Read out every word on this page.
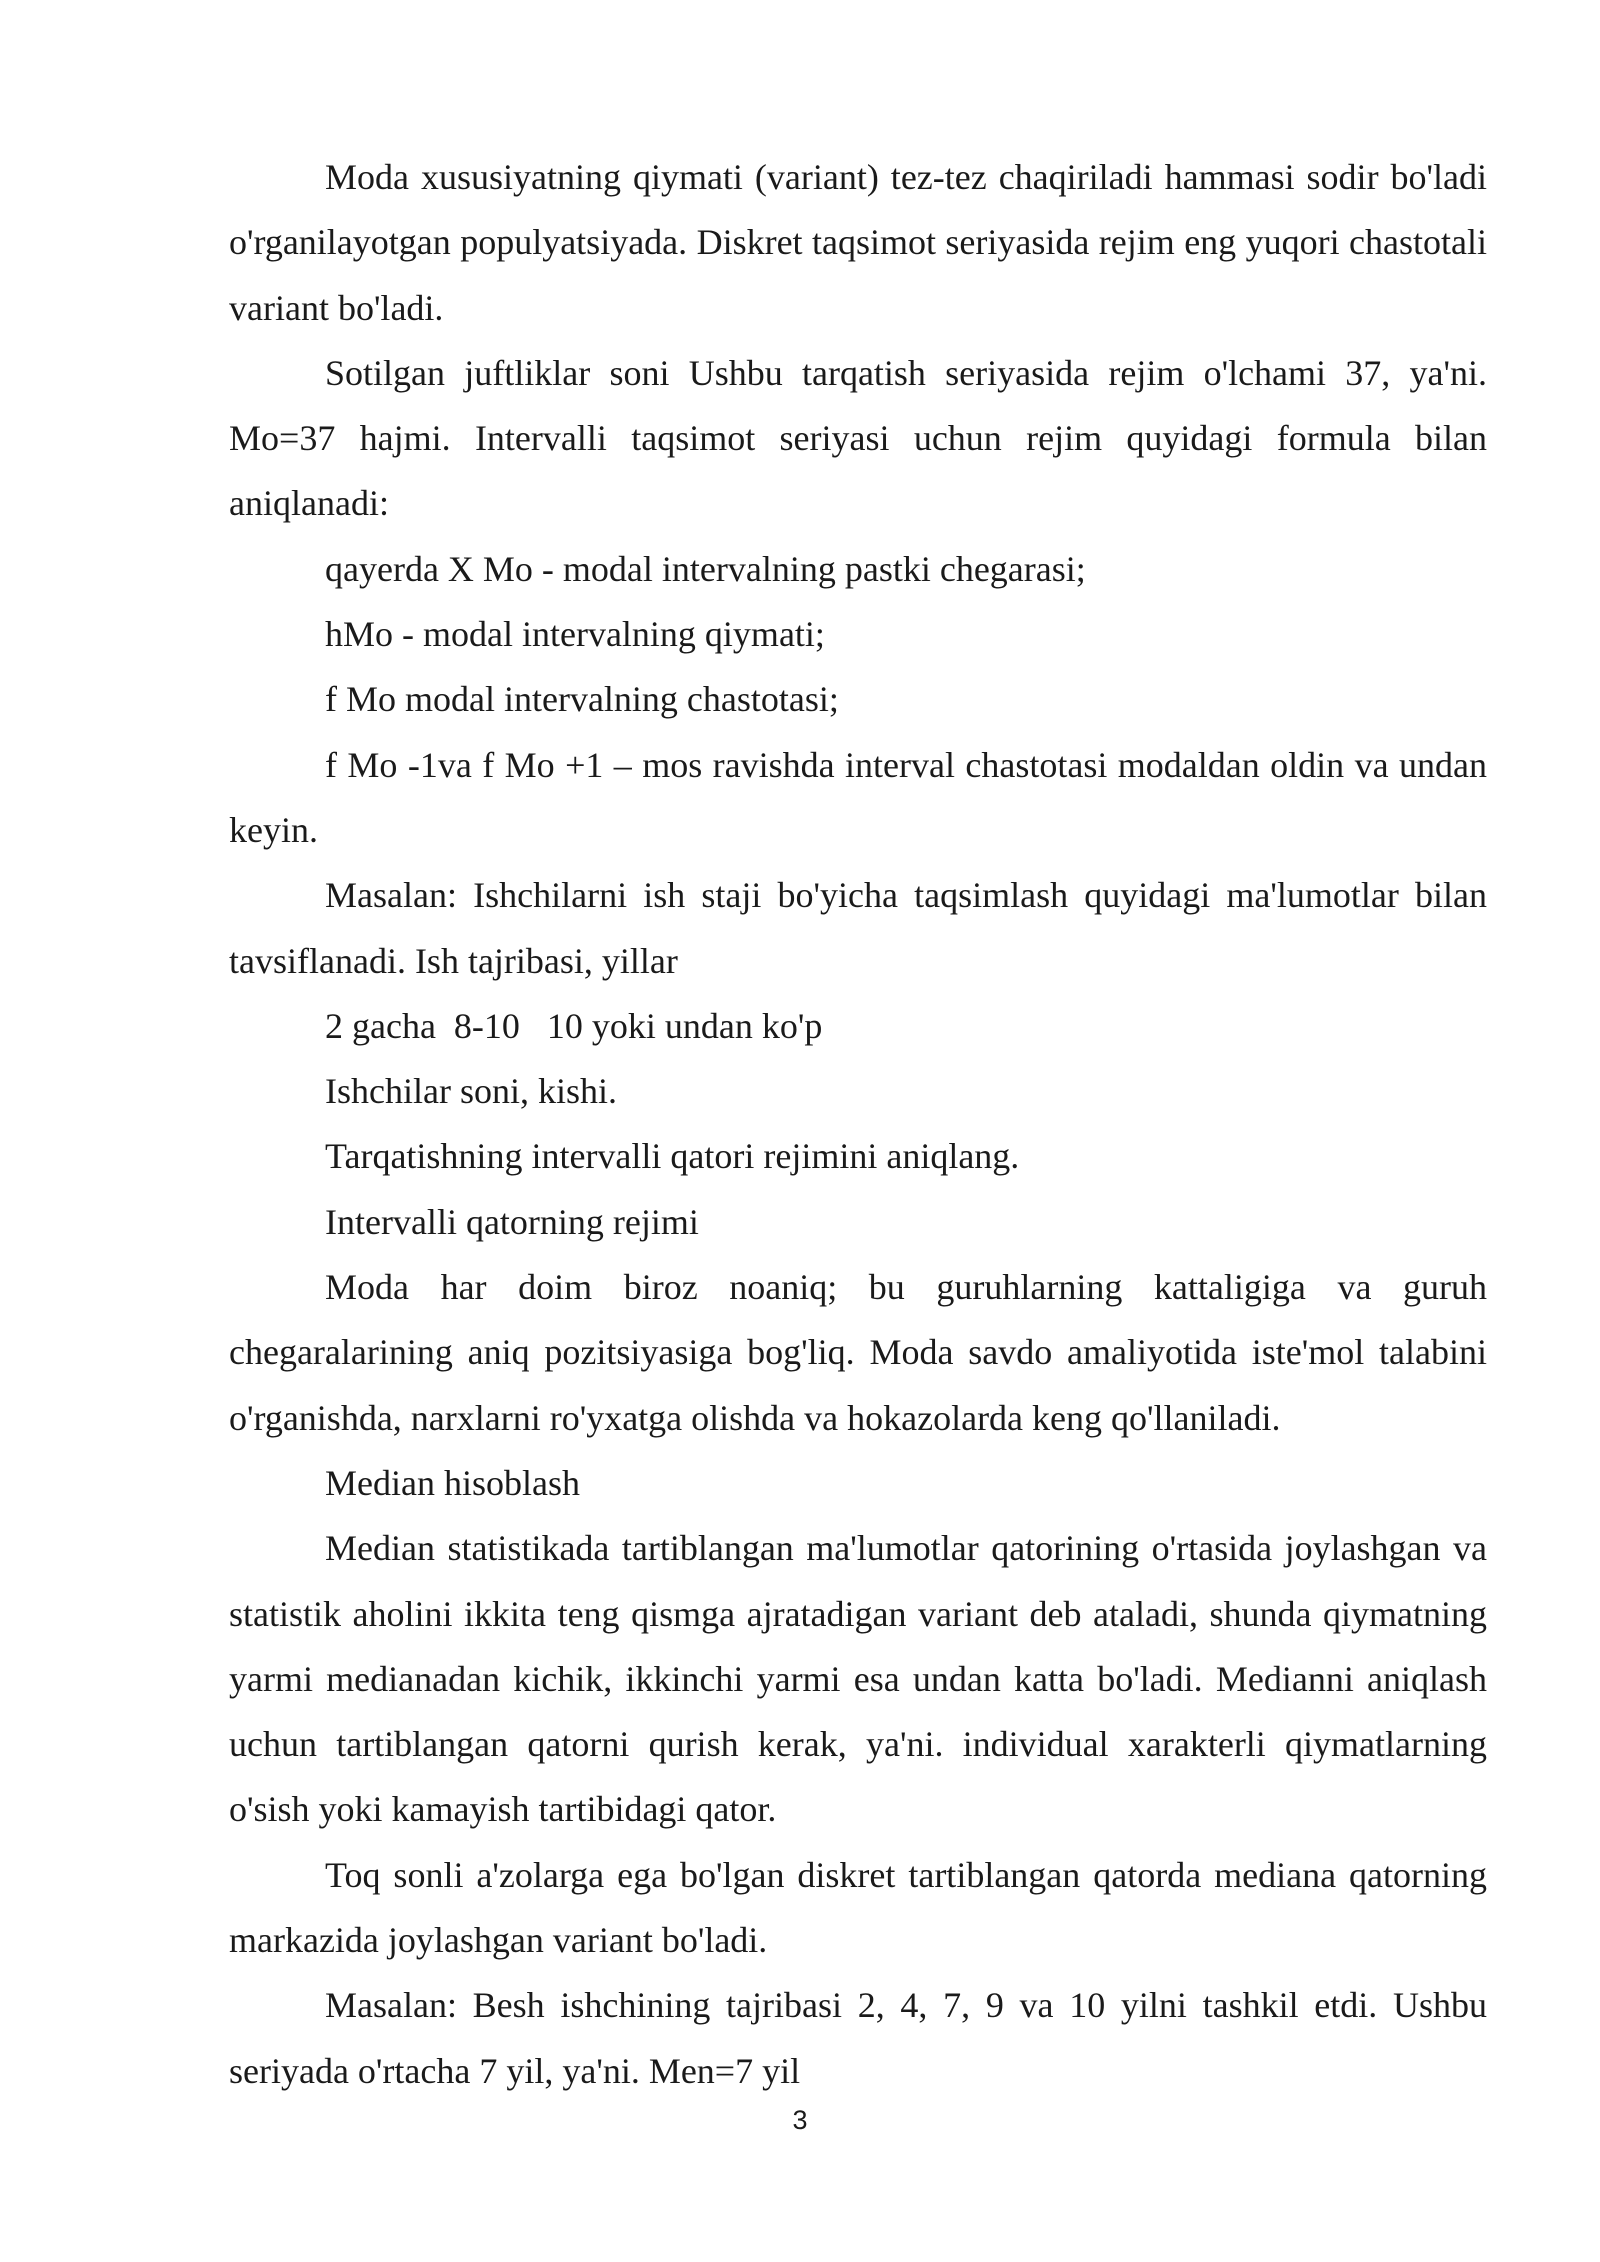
Moda xususiyatning qiymati (variant) tez-tez chaqiriladi hammasi sodir bo'ladi o'rganilayotgan populyatsiyada. Diskret taqsimot seriyasida rejim eng yuqori chastotali variant bo'ladi.

Sotilgan juftliklar soni Ushbu tarqatish seriyasida rejim o'lchami 37, ya'ni. Mo=37 hajmi. Intervalli taqsimot seriyasi uchun rejim quyidagi formula bilan aniqlanadi:

qayerda X Mo - modal intervalning pastki chegarasi;

hMo - modal intervalning qiymati;

f Mo modal intervalning chastotasi;

f Mo -1va f Mo +1 – mos ravishda interval chastotasi modaldan oldin va undan keyin.

Masalan: Ishchilarni ish staji bo'yicha taqsimlash quyidagi ma'lumotlar bilan tavsiflanadi. Ish tajribasi, yillar

2 gacha  8-10   10 yoki undan ko'p

Ishchilar soni, kishi.

Tarqatishning intervalli qatori rejimini aniqlang.

Intervalli qatorning rejimi

Moda har doim biroz noaniq; bu guruhlarning kattaligiga va guruh chegaralarining aniq pozitsiyasiga bog'liq. Moda savdo amaliyotida iste'mol talabini o'rganishda, narxlarni ro'yxatga olishda va hokazolarda keng qo'llaniladi.

Median hisoblash

Median statistikada tartiblangan ma'lumotlar qatorining o'rtasida joylashgan va statistik aholini ikkita teng qismga ajratadigan variant deb ataladi, shunda qiymatning yarmi medianadan kichik, ikkinchi yarmi esa undan katta bo'ladi. Medianni aniqlash uchun tartiblangan qatorni qurish kerak, ya'ni. individual xarakterli qiymatlarning o'sish yoki kamayish tartibidagi qator.

Toq sonli a'zolarga ega bo'lgan diskret tartiblangan qatorda mediana qatorning markazida joylashgan variant bo'ladi.

Masalan: Besh ishchining tajribasi 2, 4, 7, 9 va 10 yilni tashkil etdi. Ushbu seriyada o'rtacha 7 yil, ya'ni. Men=7 yil

3
